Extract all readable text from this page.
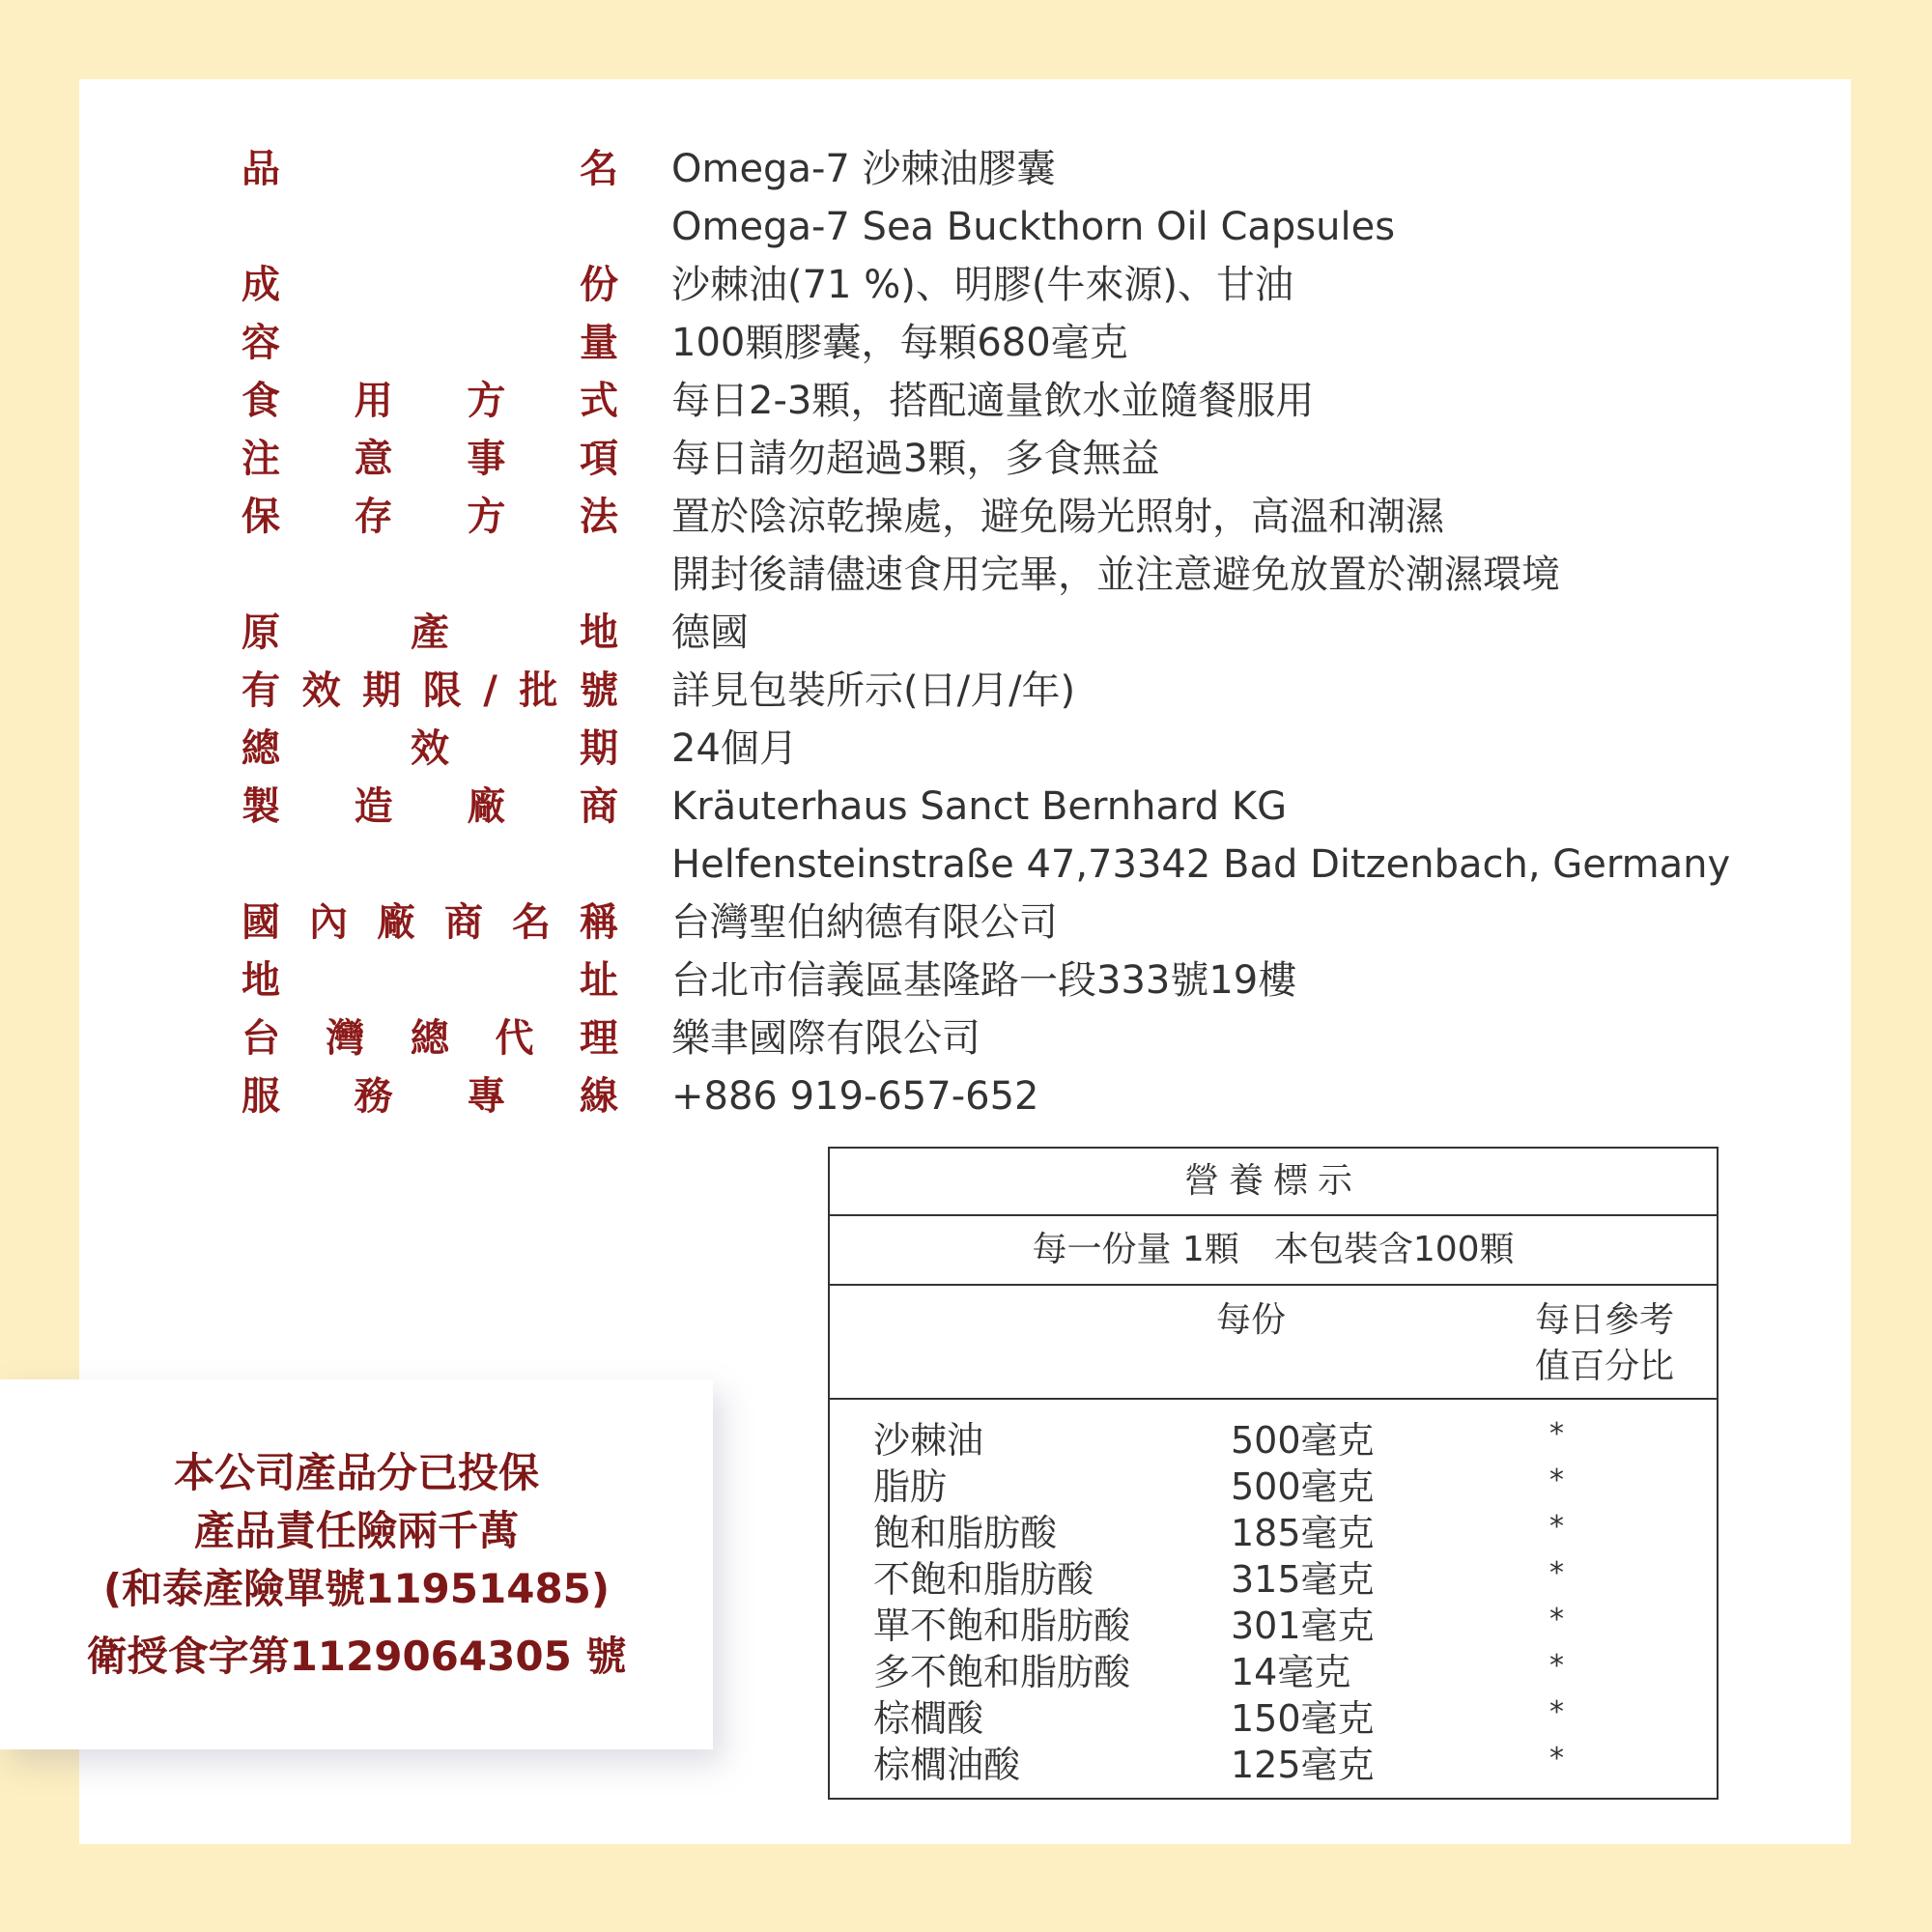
品	名 Omega-7 沙棘油膠囊
Omega-7 Sea Buckthorn Oil Capsules
成	份 沙棘油(71 %)、明膠(牛來源)、甘油
容	量 100顆膠囊，每顆680毫克
食 用 方 式 每日2-3顆，搭配適量飲水並隨餐服用
注 意 事 項 每日請勿超過3顆，多食無益
保 存 方 法 置於陰涼乾操處，避免陽光照射，高溫和潮濕
開封後請儘速食用完畢，並注意避免放置於潮濕環境
原	產	地 德國
有 效 期 限 / 批 號 詳見包裝所示(日/月/年)
總	效	期 24個月
製 造 廠 商 Kräuterhaus Sanct Bernhard KG
Helfensteinstraße 47,73342 Bad Ditzenbach, Germany
國 內 廠 商 名 稱 台灣聖伯納德有限公司
地	址 台北市信義區基隆路一段333號19樓
台 灣 總 代 理 樂聿國際有限公司
服 務 專 線 +886 919-657-652
本公司產品分已投保
產品責任險兩千萬
(和泰產險單號11951485)
衛授食字第1129064305 號
營養標示
每一份量 1顆　本包裝含100顆
每份	每日參考
值百分比
沙棘油	500毫克	*
脂肪	500毫克	*
飽和脂肪酸	185毫克	*
不飽和脂肪酸	315毫克	*
單不飽和脂肪酸	301毫克	*
多不飽和脂肪酸	14毫克	*
棕櫚酸	150毫克	*
棕櫚油酸	125毫克	*
